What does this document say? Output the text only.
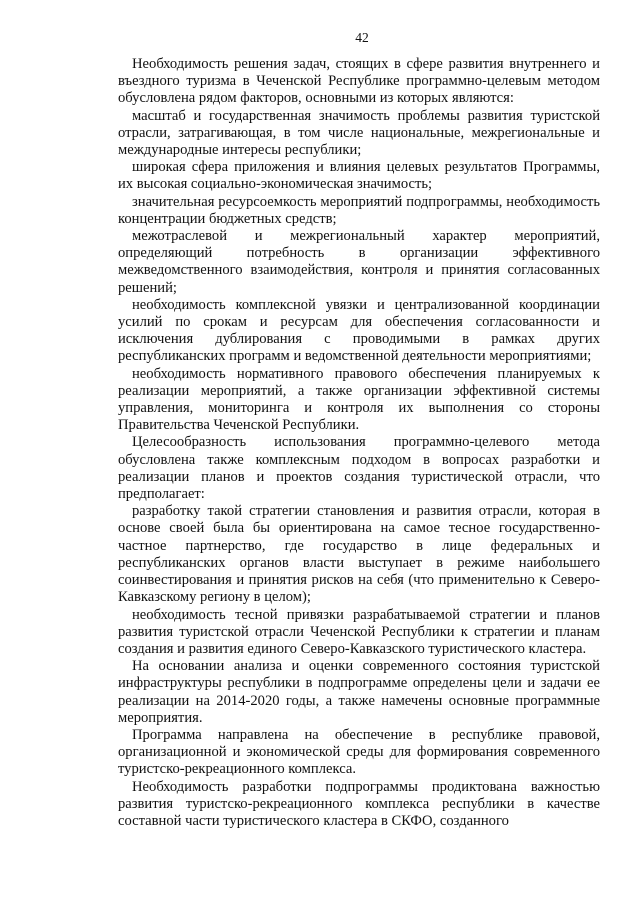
42

Необходимость решения задач, стоящих в сфере развития внутреннего и въездного туризма в Чеченской Республике программно-целевым методом обусловлена рядом факторов, основными из которых являются:

масштаб и государственная значимость проблемы развития туристской отрасли, затрагивающая, в том числе национальные, межрегиональные и международные интересы республики;

широкая сфера приложения и влияния целевых результатов Программы, их высокая социально-экономическая значимость;

значительная ресурсоемкость мероприятий подпрограммы, необходимость концентрации бюджетных средств;

межотраслевой и межрегиональный характер мероприятий, определяющий потребность в организации эффективного межведомственного взаимодействия, контроля и принятия согласованных решений;

необходимость комплексной увязки и централизованной координации усилий по срокам и ресурсам для обеспечения согласованности и исключения дублирования с проводимыми в рамках других республиканских программ и ведомственной деятельности мероприятиями;

необходимость нормативного правового обеспечения планируемых к реализации мероприятий, а также организации эффективной системы управления, мониторинга и контроля их выполнения со стороны Правительства Чеченской Республики.

Целесообразность использования программно-целевого метода обусловлена также комплексным подходом в вопросах разработки и реализации планов и проектов создания туристической отрасли, что предполагает:

разработку такой стратегии становления и развития отрасли, которая в основе своей была бы ориентирована на самое тесное государственно-частное партнерство, где государство в лице федеральных и республиканских органов власти выступает в режиме наибольшего соинвестирования и принятия рисков на себя (что применительно к Северо-Кавказскому региону в целом);

необходимость тесной привязки разрабатываемой стратегии и планов развития туристской отрасли Чеченской Республики к стратегии и планам создания и развития единого Северо-Кавказского туристического кластера.

На основании анализа и оценки современного состояния туристской инфраструктуры республики в подпрограмме определены цели и задачи ее реализации на 2014-2020 годы, а также намечены основные программные мероприятия.

Программа направлена на обеспечение в республике правовой, организационной и экономической среды для формирования современного туристско-рекреационного комплекса.

Необходимость разработки подпрограммы продиктована важностью развития туристско-рекреационного комплекса республики в качестве составной части туристического кластера в СКФО, созданного
